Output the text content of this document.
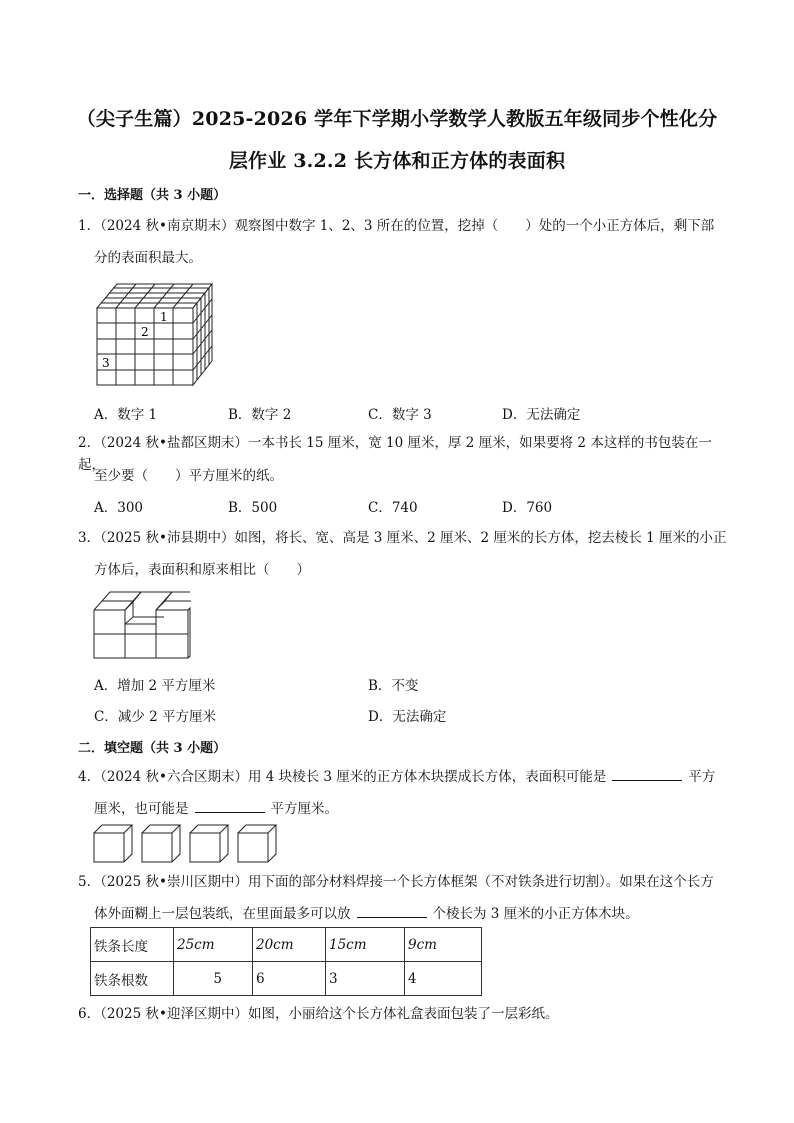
（尖子生篇）2025-2026 学年下学期小学数学人教版五年级同步个性化分
层作业 3.2.2 长方体和正方体的表面积
一．选择题（共 3 小题）
1．（2024 秋•南京期末）观察图中数字 1、2、3 所在的位置，挖掉（　　）处的一个小正方体后，剩下部
分的表面积最大。
1
2
3
A．数字 1	B．数字 2	C．数字 3	D．无法确定
2．（2024 秋•盐都区期末）一本书长 15 厘米，宽 10 厘米，厚 2 厘米，如果要将 2 本这样的书包装在一起，
至少要（　　）平方厘米的纸。
A．300	B．500	C．740	D．760
3．（2025 秋•沛县期中）如图，将长、宽、高是 3 厘米、2 厘米、2 厘米的长方体，挖去棱长 1 厘米的小正
方体后，表面积和原来相比（　　）
A．增加 2 平方厘米	B．不变
C．减少 2 平方厘米	D．无法确定
二．填空题（共 3 小题）
4．（2024 秋•六合区期末）用 4 块棱长 3 厘米的正方体木块摆成长方体，表面积可能是	平方
厘米，也可能是	平方厘米。
5．（2025 秋•崇川区期中）用下面的部分材料焊接一个长方体框架（不对铁条进行切割）。如果在这个长方
体外面糊上一层包装纸，在里面最多可以放	个棱长为 3 厘米的小正方体木块。
铁条长度	25cm	20cm	15cm	9cm
铁条根数	5	6	3	4
6．（2025 秋•迎泽区期中）如图，小丽给这个长方体礼盒表面包装了一层彩纸。
